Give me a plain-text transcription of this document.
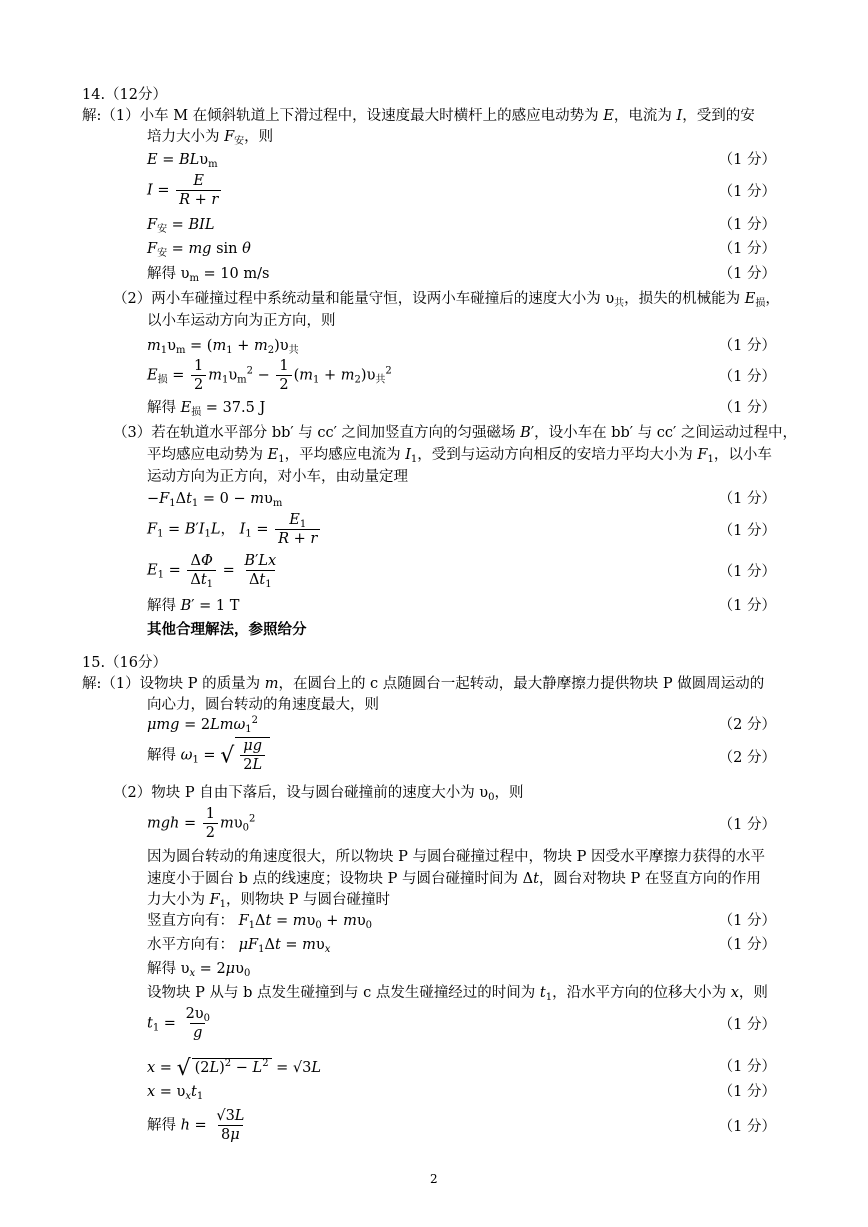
14.（12分）
解:（1）小车 M 在倾斜轨道上下滑过程中，设速度最大时横杆上的感应电动势为 E，电流为 I，受到的安
培力大小为 $F_安$，则
E = BLυ$_m$	（1 分）
$I = \frac{E}{R + r}$	（1 分）
$F_安$ = BIL	（1 分）
$F_安$ = mg sin θ	（1 分）
解得 $\upsilon_m = 10$ m/s	（1 分）
（2）两小车碰撞过程中系统动量和能量守恒，设两小车碰撞后的速度大小为 $\upsilon_共$，损失的机械能为 $E_损$，
以小车运动方向为正方向，则
$m_1\upsilon_m = (m_1 + m_2)\upsilon_共$	（1 分）
$E_损 = \frac{1}{2} m_1\upsilon_m^2 - \frac{1}{2} (m_1 + m_2)\upsilon_共^2$	（1 分）
解得 $E_损 = 37.5$ J	（1 分）
（3）若在轨道水平部分 bb′ 与 cc′ 之间加竖直方向的匀强磁场 B′，设小车在 bb′ 与 cc′ 之间运动过程中，
平均感应电动势为 $E_1$，平均感应电流为 $I_1$，受到与运动方向相反的安培力平均大小为 $F_1$，以小车
运动方向为正方向，对小车，由动量定理
$-F_1\Delta t_1 = 0 - m\upsilon_m$	（1 分）
$F_1 = B'I_1L$， $I_1 = \frac{E_1}{R + r}$	（1 分）
$E_1 = \frac{\Delta\Phi}{\Delta t_1} = \frac{B'Lx}{\Delta t_1}$	（1 分）
解得 B′ = 1 T	（1 分）
其他合理解法，参照给分
15.（16分）
解:（1）设物块 P 的质量为 m，在圆台上的 c 点随圆台一起转动，最大静摩擦力提供物块 P 做圆周运动的
向心力，圆台转动的角速度最大，则
μmg = 2Lmω$_1^2$	（2 分）
解得 $\omega_1$ = √ $\frac{\mu g}{2L}$	（2 分）
（2）物块 P 自由下落后，设与圆台碰撞前的速度大小为 $\upsilon_0$，则
mgh = $\frac{1}{2} m\upsilon_0^2$	（1 分）
因为圆台转动的角速度很大，所以物块 P 与圆台碰撞过程中，物块 P 因受水平摩擦力获得的水平
速度小于圆台 b 点的线速度；设物块 P 与圆台碰撞时间为 Δt，圆台对物块 P 在竖直方向的作用
力大小为 $F_1$，则物块 P 与圆台碰撞时
竖直方向有： $F_1\Delta t = m\upsilon_0 + m\upsilon_0$	（1 分）
水平方向有： $\mu F_1\Delta t = m\upsilon_x$	（1 分）
解得 $\upsilon_x = 2\mu\upsilon_0$
设物块 P 从与 b 点发生碰撞到与 c 点发生碰撞经过的时间为 $t_1$，沿水平方向的位移大小为 x，则
$t_1 = \frac{2\upsilon_0}{g}$	（1 分）
x = √ $(2L)^2 - L^2 = √3L$	（1 分）
$x = \upsilon_xt_1$	（1 分）
解得 $h = \frac{√3L}{8\mu}$	（1 分）
2
